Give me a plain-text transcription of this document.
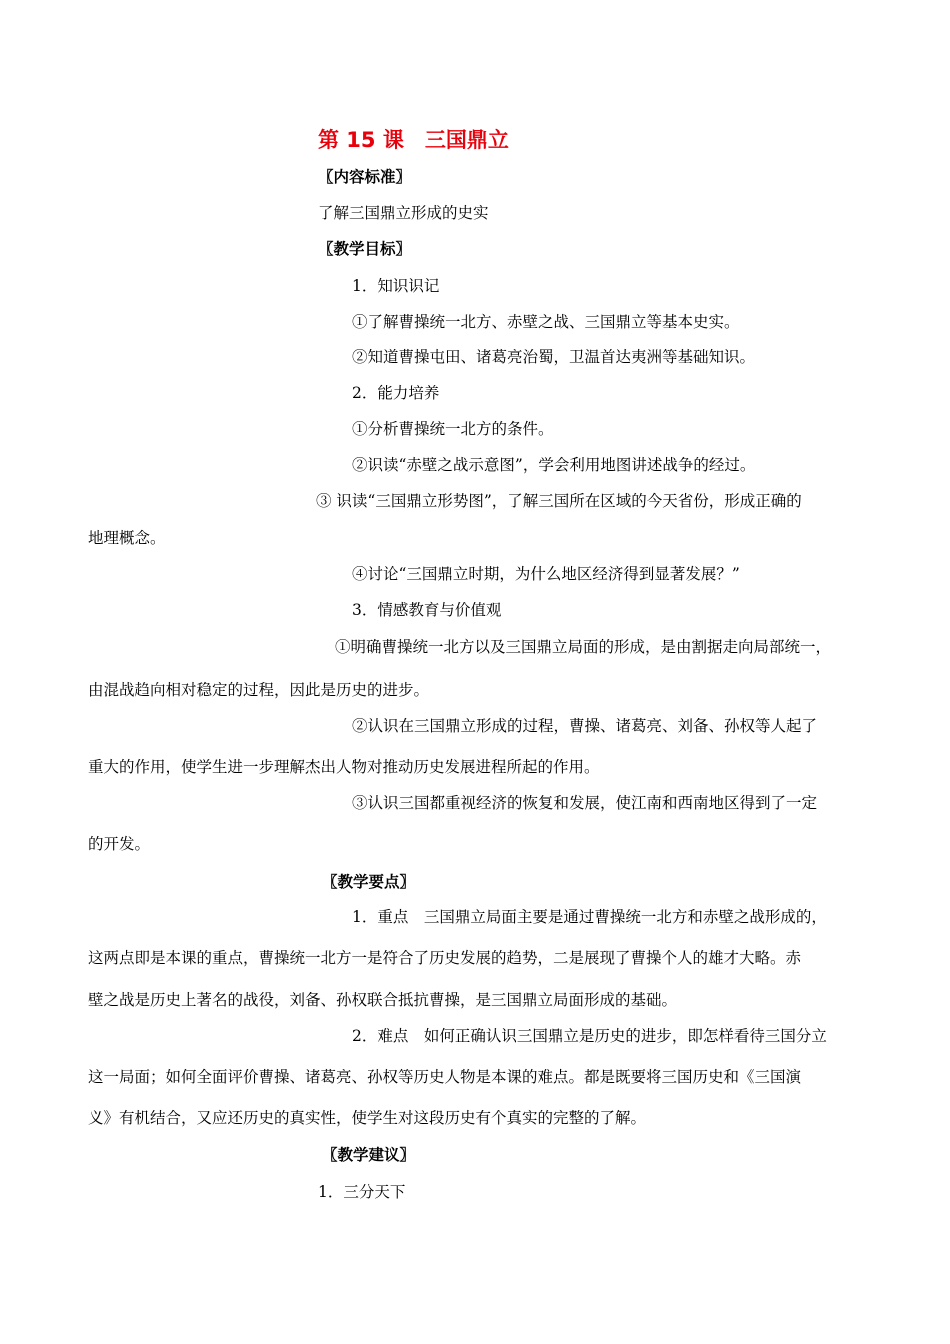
第 15 课　三国鼎立
〖内容标准〗
了解三国鼎立形成的史实
〖教学目标〗
1．知识识记
①了解曹操统一北方、赤壁之战、三国鼎立等基本史实。
②知道曹操屯田、诸葛亮治蜀，卫温首达夷洲等基础知识。
2．能力培养
①分析曹操统一北方的条件。
②识读“赤壁之战示意图”，学会利用地图讲述战争的经过。
③ 识读“三国鼎立形势图”，了解三国所在区域的今天省份，形成正确的
地理概念。
④讨论“三国鼎立时期，为什么地区经济得到显著发展？”
3．情感教育与价值观
①明确曹操统一北方以及三国鼎立局面的形成，是由割据走向局部统一，
由混战趋向相对稳定的过程，因此是历史的进步。
②认识在三国鼎立形成的过程，曹操、诸葛亮、刘备、孙权等人起了
重大的作用，使学生进一步理解杰出人物对推动历史发展进程所起的作用。
③认识三国都重视经济的恢复和发展，使江南和西南地区得到了一定
的开发。
〖教学要点〗
1．重点　三国鼎立局面主要是通过曹操统一北方和赤壁之战形成的，
这两点即是本课的重点，曹操统一北方一是符合了历史发展的趋势，二是展现了曹操个人的雄才大略。赤
壁之战是历史上著名的战役，刘备、孙权联合抵抗曹操，是三国鼎立局面形成的基础。
2．难点　如何正确认识三国鼎立是历史的进步，即怎样看待三国分立
这一局面；如何全面评价曹操、诸葛亮、孙权等历史人物是本课的难点。都是既要将三国历史和《三国演
义》有机结合，又应还历史的真实性，使学生对这段历史有个真实的完整的了解。
〖教学建议〗
1．三分天下
